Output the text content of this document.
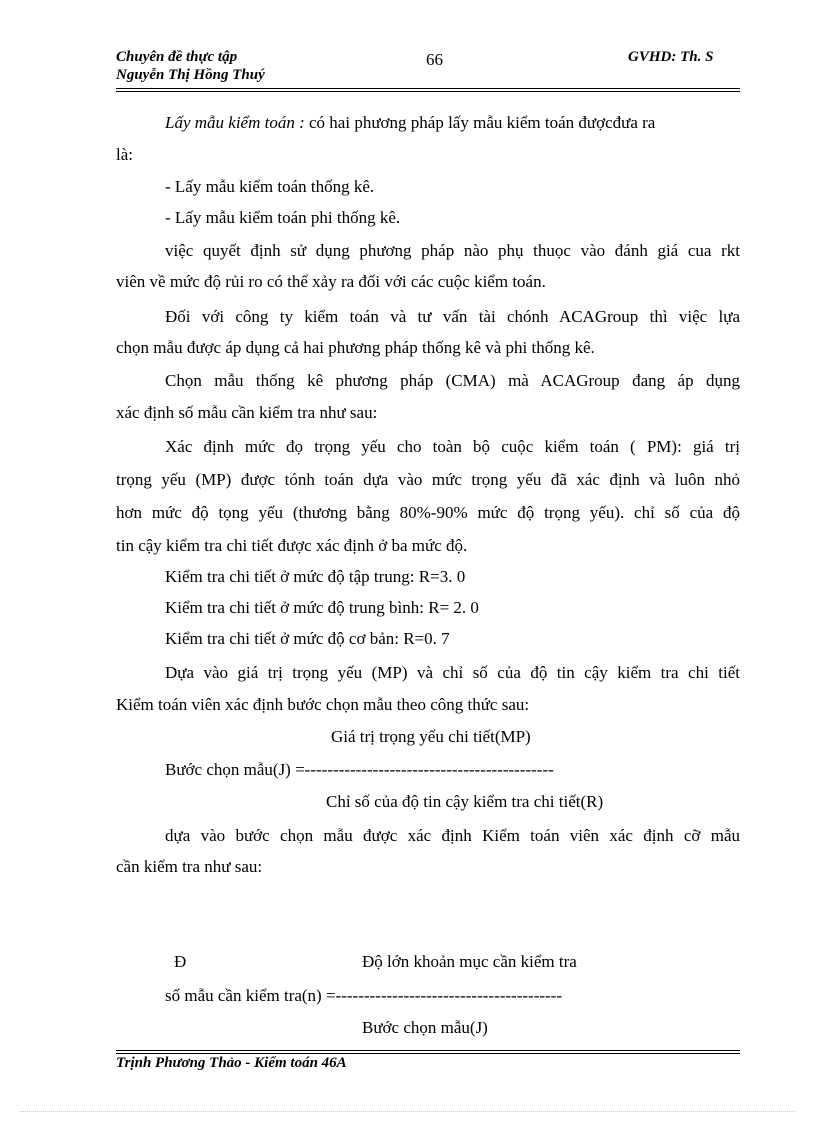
Chuyên đề thực tập
Nguyễn Thị Hồng Thuý
66	GVHD: Th. S
Lấy mẫu kiểm toán : có hai phương pháp lấy mẫu kiểm toán đượcđưa ra
là:
- Lấy mẫu kiểm toán thống kê.
- Lấy mẫu kiểm toán phi thống kê.
việc quyết định sử dụng phương pháp nào phụ thuọc vào đánh giá cua rkt
viên về mức độ rủi ro có thể xảy ra đối với các cuộc kiểm toán.
Đối với công ty kiểm toán và tư vấn tài chónh ACAGroup thì việc lựa
chọn mẫu được áp dụng cả hai phương pháp thống kê và phi thống kê.
Chọn mẫu thống kê phương pháp (CMA) mà ACAGroup đang áp dụng
xác định số mẫu cần kiểm tra như sau:
Xác định mức đọ trọng yếu cho toàn bộ cuộc kiểm toán ( PM): giá trị
trọng yếu (MP) được tónh toán dựa vào mức trọng yếu đã xác định và luôn nhỏ
hơn mức độ tọng yếu (thương bằng 80%-90% mức độ trọng yếu). chỉ số của độ
tin cậy kiểm tra chi tiết được xác định ở ba mức độ.
Kiểm tra chi tiết ở mức độ tập trung: R=3. 0
Kiểm tra chi tiết ở mức độ trung bình: R= 2. 0
Kiểm tra chi tiết ở mức độ cơ bản: R=0. 7
Dựa vào giá trị trọng yếu (MP) và chỉ số của độ tin cậy kiểm tra chi tiết
Kiểm toán viên xác định bước chọn mẫu theo công thức sau:
Giá trị trọng yếu chi tiết(MP)
Bước chọn mẫu(J) =--------------------------------------------
Chỉ số của độ tin cậy kiểm tra chi tiết(R)
dựa vào bước chọn mẫu được xác định Kiểm toán viên xác định cỡ mẫu
cần kiểm tra như sau:
Đ	Độ lớn khoản mục cần kiểm tra
số mẫu cần kiểm tra(n) =----------------------------------------
Bước chọn mẫu(J)
Trịnh Phương Thảo - Kiểm toán 46A
